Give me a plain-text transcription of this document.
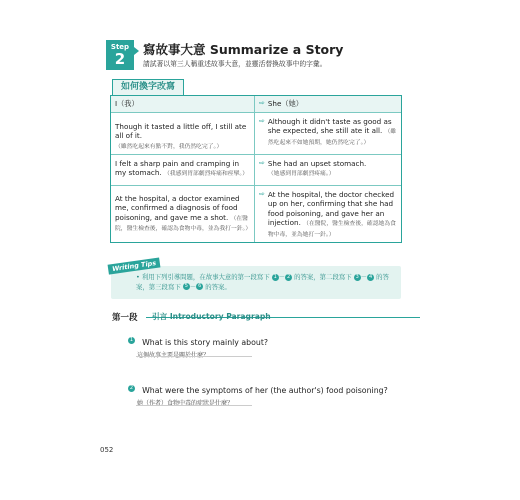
Step
2
寫故事大意 Summarize a Story
請試著以第三人稱重述故事大意，並靈活替換故事中的字彙。
如何換字改寫
I（我）	⇨ She（她）
Though it tasted a little off, I still ate all of it. （雖然吃起來有點不對，我仍然吃完了。）
⇨ Although it didn't taste as good as she expected, she still ate it all. （雖然吃起來不如她預期，她仍然吃完了。）
I felt a sharp pain and cramping in my stomach. （我感到胃部劇烈疼痛和痙攣。）
⇨ She had an upset stomach.
（她感到胃部劇烈疼痛。）
At the hospital, a doctor examined me, confirmed a diagnosis of food poisoning, and gave me a shot. （在醫院，醫生檢查後，確認為食物中毒，並為我打一針。）
⇨ At the hospital, the doctor checked up on her, confirming that she had food poisoning, and gave her an injection. （在醫院，醫生檢查後，確認她為食物中毒，並為她打一針。）
Writing Tips
• 利用下列引導問題，在故事大意的第一段寫下 1 － 2 的答案，第二段寫下 3 － 4 的答案，第三段寫下 5 － 6 的答案。
第一段 引言 Introductory Paragraph
1 What is this story mainly about?
這個故事主要是關於什麼？
2 What were the symptoms of her (the author's) food poisoning?
她（作者）食物中毒的症狀是什麼？
052
